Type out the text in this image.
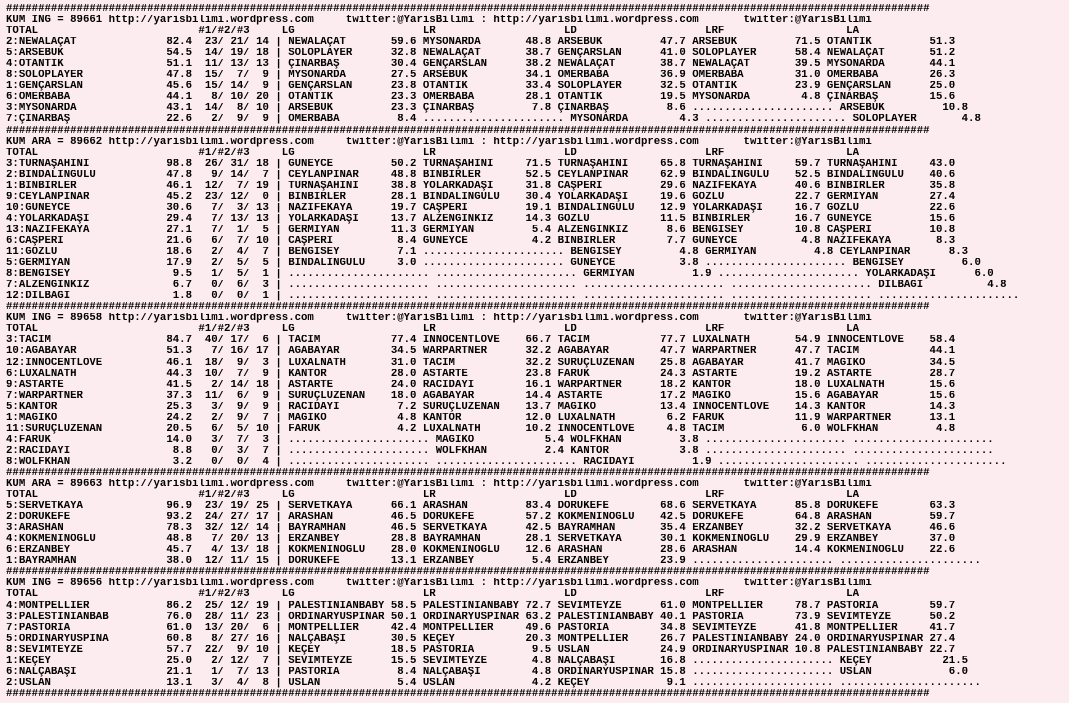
################################################################################################################################################
KUM ING = 89661 http://yarisbilimi.wordpress.com     twitter:@YarisBilimi : http://yarisbilimi.wordpress.com       twitter:@YarisBilimi
TOTAL                         #1/#2/#3     LG                    LR                    LD                    LRF                   LA
2:NEWALAÇAT              82.4  23/ 21/ 14 | NEWALAÇAT       59.6 MYSONARDA       48.8 ARSEBÜK         47.7 ARSEBÜK         71.5 OTANTİK         51.3
5:ARSEBÜK                54.5  14/ 19/ 18 | SOLOPLAYER      32.8 NEWALAÇAT       38.7 GENÇARSLAN      41.0 SOLOPLAYER      58.4 NEWALAÇAT       51.2
4:OTANTİK                51.1  11/ 13/ 13 | ÇINARBAŞ        30.4 GENÇARSLAN      38.2 NEWALAÇAT       38.7 NEWALAÇAT       39.5 MYSONARDA       44.1
8:SOLOPLAYER             47.8  15/  7/  9 | MYSONARDA       27.5 ARSEBÜK         34.1 ÖMERBABA        36.9 ÖMERBABA        31.0 ÖMERBABA        26.3
1:GENÇARSLAN             45.6  15/ 14/  9 | GENÇARSLAN      23.8 OTANTİK         33.4 SOLOPLAYER      32.5 OTANTİK         23.9 GENÇARSLAN      25.0
6:ÖMERBABA               44.1   8/ 10/ 20 | OTANTİK         23.3 ÖMERBABA        28.1 OTANTİK         19.5 MYSONARDA        4.8 ÇINARBAŞ        15.6
3:MYSONARDA              43.1  14/  8/ 10 | ARSEBÜK         23.3 ÇINARBAŞ         7.8 ÇINARBAŞ         8.6 ...................... ARSEBÜK         10.8
7:ÇINARBAŞ               22.6   2/  9/  9 | ÖMERBABA         8.4 ...................... MYSONARDA        4.3 ...................... SOLOPLAYER       4.8
################################################################################################################################################
KUM ARA = 89662 http://yarisbilimi.wordpress.com     twitter:@YarisBilimi : http://yarisbilimi.wordpress.com       twitter:@YarisBilimi
TOTAL                         #1/#2/#3     LG                    LR                    LD                    LRF                   LA
3:TURNAŞAHİNİ            98.8  26/ 31/ 18 | GÜNEYCE         50.2 TURNAŞAHİNİ     71.5 TURNAŞAHİNİ     65.8 TURNAŞAHİNİ     59.7 TURNAŞAHİNİ     43.0
2:BİNDALINGÜLÜ           47.8   9/ 14/  7 | CEYLANPINAR     48.8 BİNBİRLER       52.5 CEYLANPINAR     62.9 BİNDALINGÜLÜ    52.5 BİNDALINGÜLÜ    40.6
1:BİNBİRLER              46.1  12/  7/ 19 | TURNAŞAHİNİ     38.8 YOLARKADAŞI     31.8 CAŞPERİ         29.6 NAZİFEKAYA      40.6 BİNBİRLER       35.8
9:CEYLANPINAR            45.2  23/ 12/  0 | BİNBİRLER       28.1 BİNDALINGÜLÜ    30.4 YOLARKADAŞI     19.6 GÖZLÜ           22.7 GERMİYAN        27.4
10:GÜNEYCE               30.6   7/  3/ 13 | NAZİFEKAYA      19.7 CAŞPERİ         19.1 BİNDALINGÜLÜ    12.9 YOLARKADAŞI     16.7 GÖZLÜ           22.6
4:YOLARKADAŞI            29.4   7/ 13/ 13 | YOLARKADAŞI     13.7 ALZENGİNKIZ     14.3 GÖZLÜ           11.5 BİNBİRLER       16.7 GÜNEYCE         15.6
13:NAZİFEKAYA            27.1   7/  1/  5 | GERMİYAN        11.3 GERMİYAN         5.4 ALZENGİNKIZ      8.6 BENGİSEY        10.8 CAŞPERİ         10.8
6:CAŞPERİ                21.6   6/  7/ 10 | CAŞPERİ          8.4 GÜNEYCE          4.2 BİNBİRLER        7.7 GÜNEYCE          4.8 NAZİFEKAYA       8.3
11:GÖZLÜ                 18.6   2/  4/  7 | BENGİSEY         7.1 ...................... BENGİSEY         4.8 GERMİYAN         4.8 CEYLANPINAR      8.3
5:GERMİYAN               17.9   2/  5/  5 | BİNDALINGÜLÜ     3.0 ...................... GÜNEYCE          3.8 ...................... BENGİSEY         6.0
8:BENGİSEY                9.5   1/  5/  1 | ...................... ...................... GERMİYAN         1.9 ...................... YOLARKADAŞI      6.0
7:ALZENGİNKIZ             6.7   0/  6/  3 | ...................... ...................... ...................... ...................... DİLBAĞI          4.8
12:DİLBAĞI                1.8   0/  0/  1 | ...................... ...................... ...................... ...................... ......................
################################################################################################################################################
KUM ING = 89658 http://yarisbilimi.wordpress.com     twitter:@YarisBilimi : http://yarisbilimi.wordpress.com       twitter:@YarisBilimi
TOTAL                         #1/#2/#3     LG                    LR                    LD                    LRF                   LA
3:TACIM                  84.7  40/ 17/  6 | TACIM           77.4 INNOCENTLOVE    66.7 TACIM           77.7 LUXALNATH       54.9 INNOCENTLOVE    58.4
10:AĞABAYAR              51.3   7/ 16/ 17 | AĞABAYAR        34.5 WARPARTNER      32.2 AĞABAYAR        47.7 WARPARTNER      47.7 TACIM           44.1
12:INNOCENTLOVE          46.1  18/  9/  3 | LUXALNATH       31.0 TACIM           32.2 SURUÇLUZENAN    25.8 AĞABAYAR        41.7 MAGIKO          34.5
6:LUXALNATH              44.3  10/  7/  9 | KANTOR          28.0 ASTARTE         23.8 FARUK           24.3 ASTARTE         19.2 ASTARTE         28.7
9:ASTARTE                41.5   2/ 14/ 18 | ASTARTE         24.0 RACIDAYI        16.1 WARPARTNER      18.2 KANTOR          18.0 LUXALNATH       15.6
7:WARPARTNER             37.3  11/  6/  9 | SURUÇLUZENAN    18.0 AĞABAYAR        14.4 ASTARTE         17.2 MAGIKO          15.6 AĞABAYAR        15.6
5:KANTOR                 25.3   3/  9/  9 | RACIDAYI         7.2 SURUÇLUZENAN    13.7 MAGIKO          13.4 INNOCENTLOVE    14.3 KANTOR          14.3
1:MAGIKO                 24.2   2/  9/  7 | MAGIKO           4.8 KANTOR          12.0 LUXALNATH        6.2 FARUK           11.9 WARPARTNER      13.1
11:SURUÇLUZENAN          20.5   6/  5/ 10 | FARUK            4.2 LUXALNATH       10.2 INNOCENTLOVE     4.8 TACIM            6.0 WOLFKHAN         4.8
4:FARUK                  14.0   3/  7/  3 | ...................... MAGIKO           5.4 WOLFKHAN         3.8 ...................... ......................
2:RACIDAYI                8.8   0/  3/  7 | ...................... WOLFKHAN         2.4 KANTOR           3.8 ...................... ......................
8:WOLFKHAN                3.2   0/  0/  4 | ...................... ...................... RACIDAYI         1.9 ...................... ......................
################################################################################################################################################
KUM ARA = 89663 http://yarisbilimi.wordpress.com     twitter:@YarisBilimi : http://yarisbilimi.wordpress.com       twitter:@YarisBilimi
TOTAL                         #1/#2/#3     LG                    LR                    LD                    LRF                   LA
5:SERVETKAYA             96.9  23/ 19/ 25 | SERVETKAYA      66.1 ARASHAN         83.4 DORUKEFE        68.6 SERVETKAYA      85.8 DORUKEFE        63.3
2:DORUKEFE               93.2  24/ 27/ 17 | ARASHAN         46.5 DORUKEFE        57.2 KÖKMENİNOĞLU    42.5 DORUKEFE        64.8 ARASHAN         59.7
3:ARASHAN                78.3  32/ 12/ 14 | BAYRAMHAN       46.5 SERVETKAYA      42.5 BAYRAMHAN       35.4 ERZANBEY        32.2 SERVETKAYA      46.6
4:KÖKMENİNOĞLU           48.8   7/ 20/ 13 | ERZANBEY        28.8 BAYRAMHAN       28.1 SERVETKAYA      30.1 KÖKMENİNOĞLU    29.9 ERZANBEY        37.0
6:ERZANBEY               45.7   4/ 13/ 18 | KÖKMENİNOĞLU    28.0 KÖKMENİNOĞLU    12.6 ARASHAN         28.6 ARASHAN         14.4 KÖKMENİNOĞLU    22.6
1:BAYRAMHAN              38.0  12/ 11/ 15 | DORUKEFE        13.1 ERZANBEY         5.4 ERZANBEY        23.9 ...................... ......................
################################################################################################################################################
KUM ING = 89656 http://yarisbilimi.wordpress.com     twitter:@YarisBilimi : http://yarisbilimi.wordpress.com       twitter:@YarisBilimi
TOTAL                         #1/#2/#3     LG                    LR                    LD                    LRF                   LA
4:MONTPELLIER            86.2  25/ 12/ 19 | PALESTINIANBABY 58.5 PALESTINIANBABY 72.7 SEVİMTEYZE      61.0 MONTPELLIER     78.7 PASTORIA        59.7
3:PALESTINIANBAB         76.0  28/ 11/ 23 | ORDİNARYÜSPINAR 50.1 ORDİNARYÜSPINAR 63.2 PALESTINIANBABY 40.1 PASTORIA        73.9 SEVİMTEYZE      50.2
7:PASTORIA               61.0  13/ 20/  6 | MONTPELLIER     42.4 MONTPELLIER     49.6 PASTORIA        34.8 SEVİMTEYZE      41.8 MONTPELLIER     41.7
5:ORDİNARYÜSPINA         60.8   8/ 27/ 16 | NALÇABAŞI       30.5 KEÇEY           20.3 MONTPELLIER     26.7 PALESTINIANBABY 24.0 ORDİNARYÜSPINAR 27.4
8:SEVİMTEYZE             57.7  22/  9/ 10 | KEÇEY           18.5 PASTORIA         9.5 USLAN           24.9 ORDİNARYÜSPINAR 10.8 PALESTINIANBABY 22.7
1:KEÇEY                  25.0   2/ 12/  7 | SEVİMTEYZE      15.5 SEVİMTEYZE       4.8 NALÇABAŞI       16.8 ...................... KEÇEY           21.5
6:NALÇABAŞI              21.1   1/  7/ 13 | PASTORIA         8.4 NALÇABAŞI        4.8 ORDİNARYÜSPINAR 15.8 ...................... USLAN            6.0
2:USLAN                  13.1   3/  4/  8 | USLAN            5.4 USLAN            4.2 KEÇEY            9.1 ...................... ......................
################################################################################################################################################
